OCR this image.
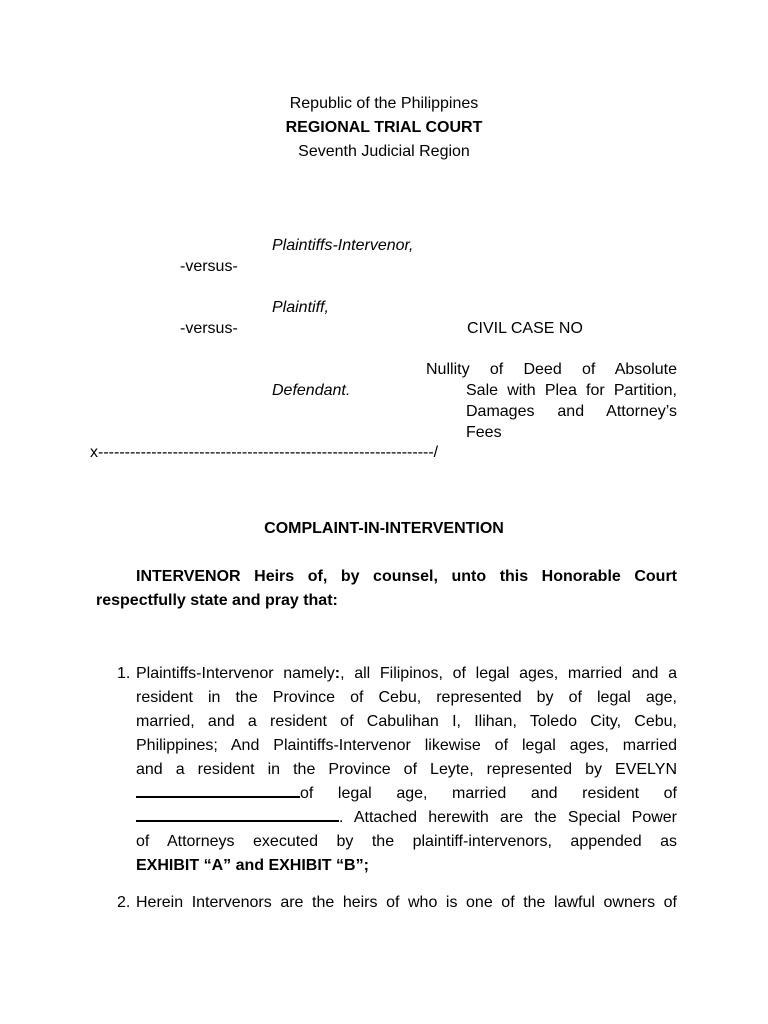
Republic of the Philippines
REGIONAL TRIAL COURT
Seventh Judicial Region
Plaintiffs-Intervenor,
-versus-
Plaintiff,
-versus-	CIVIL CASE NO
Defendant.
Nullity of Deed of Absolute
Sale with Plea for Partition,
Damages and Attorney’s
Fees
x---------------------------------------------------------------/
COMPLAINT-IN-INTERVENTION
INTERVENOR Heirs of, by counsel, unto this Honorable Court
respectfully state and pray that:
1. Plaintiffs-Intervenor namely:, all Filipinos, of legal ages, married and a
resident in the Province of Cebu, represented by of legal age,
married, and a resident of Cabulihan I, Ilihan, Toledo City, Cebu,
Philippines; And Plaintiffs-Intervenor likewise of legal ages, married
and a resident in the Province of Leyte, represented by EVELYN
of legal age, married and resident of
. Attached herewith are the Special Power
of Attorneys executed by the plaintiff-intervenors, appended as
EXHIBIT “A” and EXHIBIT “B”;
2. Herein Intervenors are the heirs of who is one of the lawful owners of
